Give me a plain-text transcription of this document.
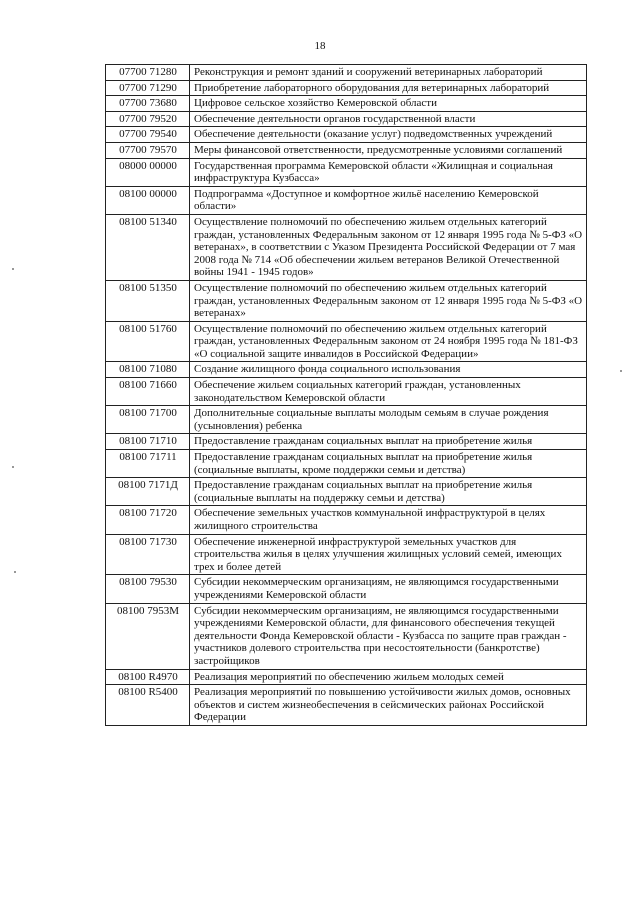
18
07700 71280	Реконструкция и ремонт зданий и сооружений ветеринарных лабораторий
07700 71290	Приобретение лабораторного оборудования для ветеринарных лабораторий
07700 73680	Цифровое сельское хозяйство Кемеровской области
07700 79520	Обеспечение деятельности органов государственной власти
07700 79540	Обеспечение деятельности (оказание услуг) подведомственных учреждений
07700 79570	Меры финансовой ответственности, предусмотренные условиями соглашений
08000 00000	Государственная программа Кемеровской области «Жилищная и социальная инфраструктура Кузбасса»
08100 00000	Подпрограмма «Доступное и комфортное жильё населению Кемеровской области»
08100 51340	Осуществление полномочий по обеспечению жильем отдельных категорий граждан, установленных Федеральным законом от 12 января 1995 года № 5-ФЗ «О ветеранах», в соответствии с Указом Президента Российской Федерации от 7 мая 2008 года № 714 «Об обеспечении жильем ветеранов Великой Отечественной войны 1941 - 1945 годов»
08100 51350	Осуществление полномочий по обеспечению жильем отдельных категорий граждан, установленных Федеральным законом от 12 января 1995 года № 5-ФЗ «О ветеранах»
08100 51760	Осуществление полномочий по обеспечению жильем отдельных категорий граждан, установленных Федеральным законом от 24 ноября 1995 года № 181-ФЗ «О социальной защите инвалидов в Российской Федерации»
08100 71080	Создание жилищного фонда социального использования
08100 71660	Обеспечение жильем социальных категорий граждан, установленных законодательством Кемеровской области
08100 71700	Дополнительные социальные выплаты молодым семьям в случае рождения (усыновления) ребенка
08100 71710	Предоставление гражданам социальных выплат на приобретение жилья
08100 71711	Предоставление гражданам социальных выплат на приобретение жилья (социальные выплаты, кроме поддержки семьи и детства)
08100 7171Д	Предоставление гражданам социальных выплат на приобретение жилья (социальные выплаты на поддержку семьи и детства)
08100 71720	Обеспечение земельных участков коммунальной инфраструктурой в целях жилищного строительства
08100 71730	Обеспечение инженерной инфраструктурой земельных участков для строительства жилья в целях улучшения жилищных условий семей, имеющих трех и более детей
08100 79530	Субсидии некоммерческим организациям, не являющимся государственными учреждениями Кемеровской области
08100 7953М	Субсидии некоммерческим организациям, не являющимся государственными учреждениями Кемеровской области, для финансового обеспечения текущей деятельности Фонда Кемеровской области - Кузбасса по защите прав граждан - участников долевого строительства при несостоятельности (банкротстве) застройщиков
08100 R4970	Реализация мероприятий по обеспечению жильем молодых семей
08100 R5400	Реализация мероприятий по повышению устойчивости жилых домов, основных объектов и систем жизнеобеспечения в сейсмических районах Российской Федерации
